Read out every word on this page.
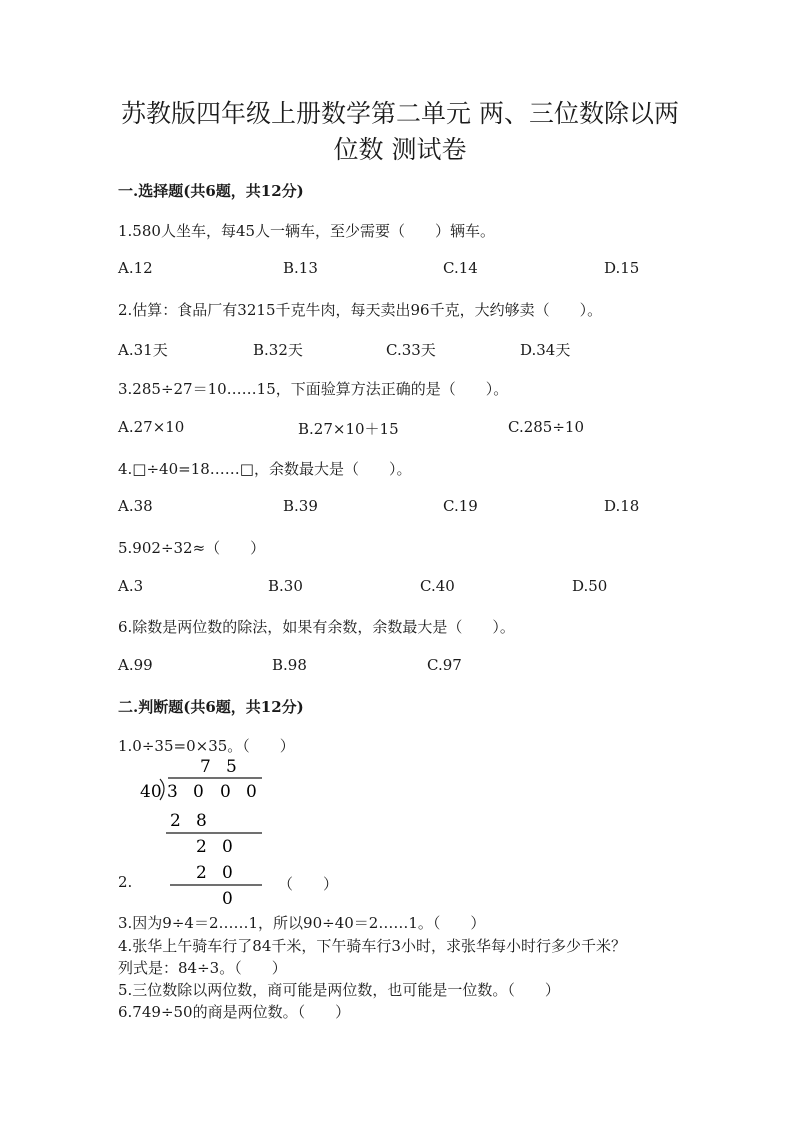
苏教版四年级上册数学第二单元 两、三位数除以两
位数 测试卷
一.选择题(共6题，共12分)
1.580人坐车，每45人一辆车，至少需要（　　）辆车。
A.12	B.13	C.14	D.15
2.估算：食品厂有3215千克牛肉，每天卖出96千克，大约够卖（　　）。
A.31天	B.32天	C.33天	D.34天
3.285÷27＝10……15，下面验算方法正确的是（　　）。
A.27×10	B.27×10＋15	C.285÷10
4.□÷40=18……□，余数最大是（　　）。
A.38	B.39	C.19	D.18
5.902÷32≈（　　）
A.3	B.30	C.40	D.50
6.除数是两位数的除法，如果有余数，余数最大是（　　）。
A.99	B.98	C.97
二.判断题(共6题，共12分)
1.0÷35=0×35。（　　）
7 5
40 3 0 0 0
2 8
2 0
2 0
0
2.	（　　）
3.因为9÷4＝2……1，所以90÷40＝2……1。（　　）
4.张华上午骑车行了84千米，下午骑车行3小时，求张华每小时行多少千米？
列式是：84÷3。（　　）
5.三位数除以两位数，商可能是两位数，也可能是一位数。（　　）
6.749÷50的商是两位数。（　　）
